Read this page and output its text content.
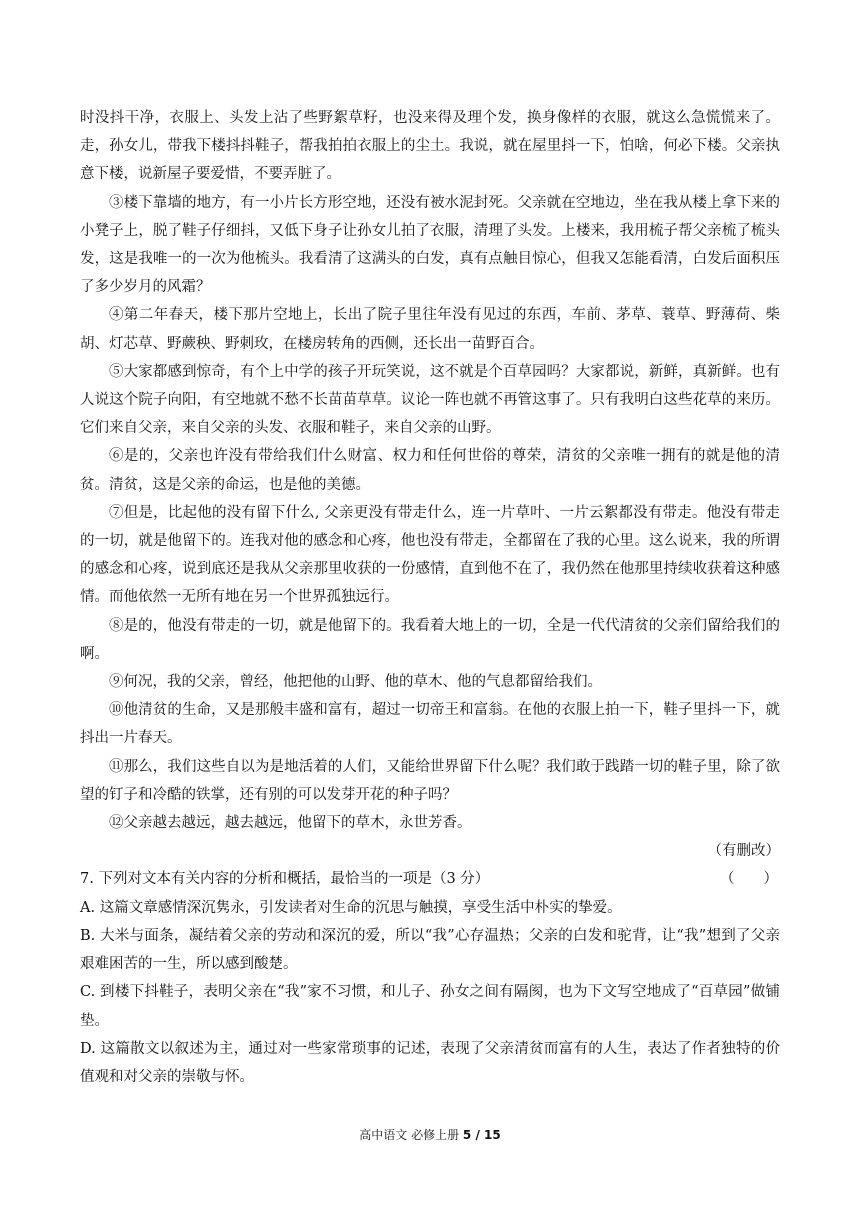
时没抖干净，衣服上、头发上沾了些野絮草籽，也没来得及理个发，换身像样的衣服，就这么急慌慌来了。走，孙女儿，带我下楼抖抖鞋子，帮我拍拍衣服上的尘土。我说，就在屋里抖一下，怕啥，何必下楼。父亲执意下楼，说新屋子要爱惜，不要弄脏了。

③楼下靠墙的地方，有一小片长方形空地，还没有被水泥封死。父亲就在空地边，坐在我从楼上拿下来的小凳子上，脱了鞋子仔细抖，又低下身子让孙女儿拍了衣服，清理了头发。上楼来，我用梳子帮父亲梳了梳头发，这是我唯一的一次为他梳头。我看清了这满头的白发，真有点触目惊心，但我又怎能看清，白发后面积压了多少岁月的风霜？

④第二年春天，楼下那片空地上，长出了院子里往年没有见过的东西，车前、茅草、蓑草、野薄荷、柴胡、灯芯草、野蕨秧、野刺玫，在楼房转角的西侧，还长出一苗野百合。

⑤大家都感到惊奇，有个上中学的孩子开玩笑说，这不就是个百草园吗？大家都说，新鲜，真新鲜。也有人说这个院子向阳，有空地就不愁不长苗苗草草。议论一阵也就不再管这事了。只有我明白这些花草的来历。它们来自父亲，来自父亲的头发、衣服和鞋子，来自父亲的山野。

⑥是的，父亲也许没有带给我们什么财富、权力和任何世俗的尊荣，清贫的父亲唯一拥有的就是他的清贫。清贫，这是父亲的命运，也是他的美德。

⑦但是，比起他的没有留下什么, 父亲更没有带走什么，连一片草叶、一片云絮都没有带走。他没有带走的一切，就是他留下的。连我对他的感念和心疼，他也没有带走，全都留在了我的心里。这么说来，我的所谓的感念和心疼，说到底还是我从父亲那里收获的一份感情，直到他不在了，我仍然在他那里持续收获着这种感情。而他依然一无所有地在另一个世界孤独远行。

⑧是的，他没有带走的一切，就是他留下的。我看着大地上的一切，全是一代代清贫的父亲们留给我们的啊。

⑨何况，我的父亲，曾经，他把他的山野、他的草木、他的气息都留给我们。

⑩他清贫的生命，又是那般丰盛和富有，超过一切帝王和富翁。在他的衣服上拍一下，鞋子里抖一下，就抖出一片春天。

⑪那么，我们这些自以为是地活着的人们，又能给世界留下什么呢？我们敢于践踏一切的鞋子里，除了欲望的钉子和冷酷的铁掌，还有别的可以发芽开花的种子吗？

⑫父亲越去越远，越去越远，他留下的草木，永世芳香。

（有删改）

7. 下列对文本有关内容的分析和概括，最恰当的一项是（3 分）	（　　）

A. 这篇文章感情深沉隽永，引发读者对生命的沉思与触摸，享受生活中朴实的挚爱。

B. 大米与面条，凝结着父亲的劳动和深沉的爱，所以“我”心存温热；父亲的白发和驼背，让“我”想到了父亲艰难困苦的一生，所以感到酸楚。

C. 到楼下抖鞋子，表明父亲在“我”家不习惯，和儿子、孙女之间有隔阂，也为下文写空地成了“百草园”做铺垫。

D. 这篇散文以叙述为主，通过对一些家常琐事的记述，表现了父亲清贫而富有的人生，表达了作者独特的价值观和对父亲的崇敬与怀。

高中语文 必修上册 5 / 15
